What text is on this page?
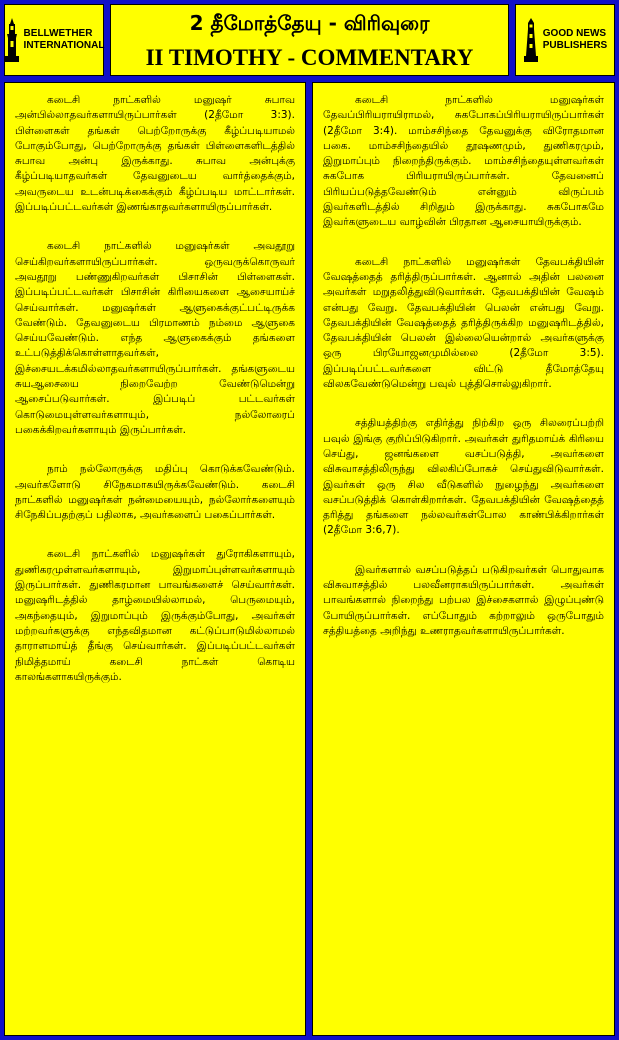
BELLWETHER
INTERNATIONAL
2 தீமோத்தேயு - விரிவுரை
II TIMOTHY - COMMENTARY
GOOD NEWS
PUBLISHERS

கடைசி நாட்களில் மனுஷர் சுபாவ அன்பில்லாதவர்களாயிருப்பார்கள் (2தீமோ 3:3). பிள்ளைகள் தங்கள் பெற்றோருக்கு கீழ்ப்படியாமல் போகும்போது, பெற்றோருக்கு தங்கள் பிள்ளைகளிடத்தில் சுபாவ அன்பு இருக்காது. சுபாவ அன்புக்கு கீழ்ப்படியாதவர்கள் தேவனுடைய வார்த்தைக்கும், அவருடைய உடன்படிக்கைக்கும் கீழ்ப்படிய மாட்டார்கள். இப்படிப்பட்டவர்கள் இணங்காதவர்களாயிருப்பார்கள்.

கடைசி நாட்களில் மனுஷர்கள் அவதூறு செய்கிறவர்களாயிருப்பார்கள். ஒருவருக்கொருவர் அவதூறு பண்ணுகிறவர்கள் பிசாசின் பிள்ளைகள். இப்படிப்பட்டவர்கள் பிசாசின் கிரியைகளை ஆசையாய்ச் செய்வார்கள். மனுஷர்கள் ஆளுகைக்குட்பட்டிருக்க வேண்டும். தேவனுடைய பிரமாணம் நம்மை ஆளுகை செய்யவேண்டும். எந்த ஆளுகைக்கும் தங்களை உட்படுத்திக்கொள்ளாதவர்கள், இச்சையடக்கமில்லாதவர்களாயிருப்பார்கள். தங்களுடைய சுயஆசையை நிறைவேற்ற வேண்டுமென்று ஆசைப்படுவார்கள். இப்படிப் பட்டவர்கள் கொடுமையுள்ளவர்களாயும், நல்லோரைப் பகைக்கிறவர்களாயும் இருப்பார்கள்.

நாம் நல்லோருக்கு மதிப்பு கொடுக்கவேண்டும். அவர்களோடு சிநேகமாகயிருக்கவேண்டும். கடைசி நாட்களில் மனுஷர்கள் நன்மையையும், நல்லோர்களையும் சிநேகிப்பதற்குப் பதிலாக, அவர்களைப் பகைப்பார்கள்.

கடைசி நாட்களில் மனுஷர்கள் துரோகிகளாயும், துணிகரமுள்ளவர்களாயும், இறுமாப்புள்ளவர்களாயும் இருப்பார்கள். துணிகரமான பாவங்களைச் செய்வார்கள். மனுஷரிடத்தில் தாழ்மையில்லாமல், பெருமையும், அகந்தையும், இறுமாப்பும் இருக்கும்போது, அவர்கள் மற்றவர்களுக்கு எந்தவிதமான கட்டுப்பாடுமில்லாமல் தாராளமாய்த் தீங்கு செய்வார்கள். இப்படிப்பட்டவர்கள் நிமித்தமாய் கடைசி நாட்கள் கொடிய காலங்களாகயிருக்கும்.

கடைசி நாட்களில் மனுஷர்கள் தேவப்பிரியராயிராமல், சுகபோகப்பிரியராயிருப்பார்கள் (2தீமோ 3:4). மாம்சசிந்தை தேவனுக்கு விரோதமான பகை. மாம்சசிந்தையில் தூஷணமும், துணிகரமும், இறுமாப்பும் நிறைந்திருக்கும். மாம்சசிந்தையுள்ளவர்கள் சுகபோக பிரியராயிருப்பார்கள். தேவனைப் பிரியப்படுத்தவேண்டும் என்னும் விருப்பம் இவர்களிடத்தில் சிறிதும் இருக்காது. சுகபோகமே இவர்களுடைய வாழ்வின் பிரதான ஆசையாயிருக்கும்.

கடைசி நாட்களில் மனுஷர்கள் தேவபக்தியின் வேஷத்தைத் தரித்திருப்பார்கள். ஆனால் அதின் பலனை அவர்கள் மறுதலித்துவிடுவார்கள். தேவபக்தியின் வேஷம் என்பது வேறு. தேவபக்தியின் பெலன் என்பது வேறு. தேவபக்தியின் வேஷத்தைத் தரித்திருக்கிற மனுஷரிடத்தில், தேவபக்தியின் பெலன் இல்லையென்றால் அவர்களுக்கு ஒரு பிரயோஜனமுமில்லை (2தீமோ 3:5). இப்படிப்பட்டவர்களை விட்டு தீமோத்தேயு விலகவேண்டுமென்று பவுல் புத்திசொல்லுகிறார்.

சத்தியத்திற்கு எதிர்த்து நிற்கிற ஒரு சிலரைப்பற்றி பவுல் இங்கு குறிப்பிடுகிறார். அவர்கள் துரிதமாய்க் கிரியை செய்து, ஜனங்களை வசப்படுத்தி, அவர்களை விசுவாசத்திலிருந்து விலகிப்போகச் செய்துவிடுவார்கள். இவர்கள் ஒரு சில வீடுகளில் நுழைந்து அவர்களை வசப்படுத்திக் கொள்கிறார்கள். தேவபக்தியின் வேஷத்தைத் தரித்து தங்களை நல்லவர்கள்போல காண்பிக்கிறார்கள் (2தீமோ 3:6,7).

இவர்களால் வசப்படுத்தப் படுகிறவர்கள் பொதுவாக விசுவாசத்தில் பலவீனராகயிருப்பார்கள். அவர்கள் பாவங்களால் நிறைந்து பற்பல இச்சைகளால் இழுப்புண்டு போயிருப்பார்கள். எப்போதும் கற்றாலும் ஒருபோதும் சத்தியத்தை அறிந்து உணராதவர்களாயிருப்பார்கள்.
